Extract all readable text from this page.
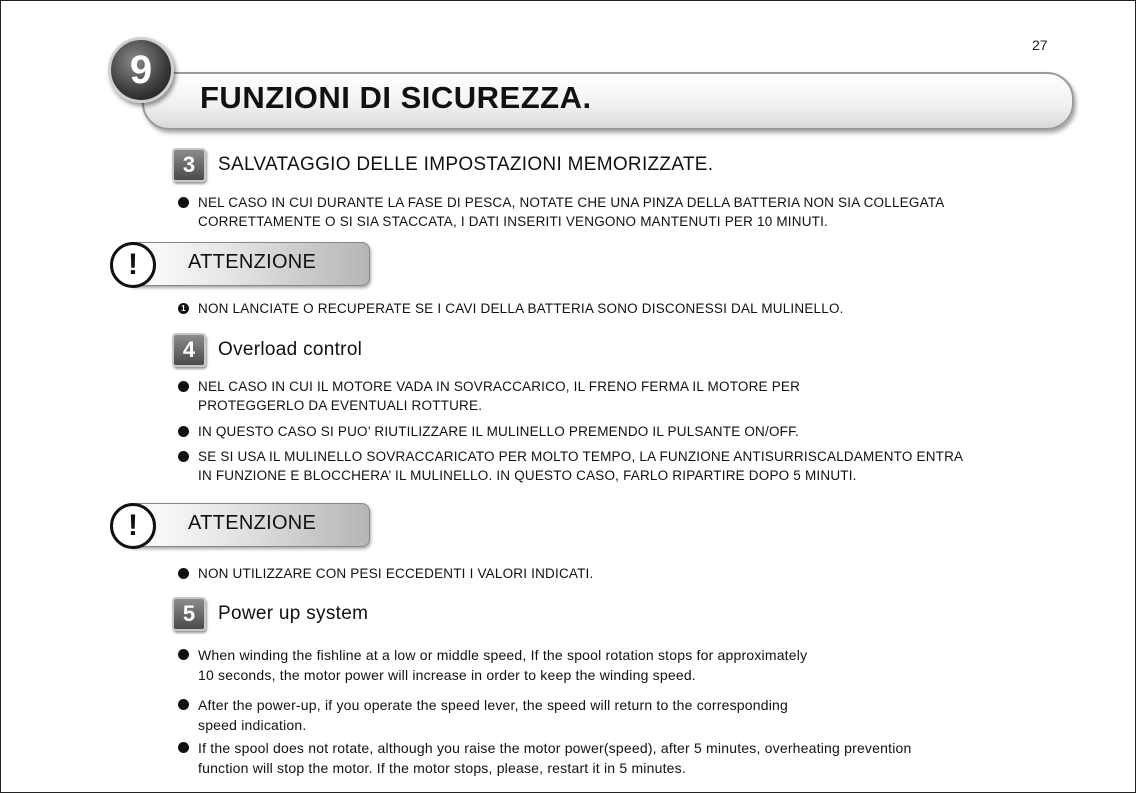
27
9
FUNZIONI DI SICUREZZA.
3	SALVATAGGIO DELLE IMPOSTAZIONI MEMORIZZATE.
NEL CASO IN CUI DURANTE LA FASE DI PESCA, NOTATE CHE UNA PINZA DELLA BATTERIA NON SIA COLLEGATA
CORRETTAMENTE O SI SIA STACCATA, I DATI INSERITI VENGONO MANTENUTI PER 10 MINUTI.
!	ATTENZIONE
1 NON LANCIATE O RECUPERATE SE I CAVI DELLA BATTERIA SONO DISCONESSI DAL MULINELLO.
4	Overload control
NEL CASO IN CUI IL MOTORE VADA IN SOVRACCARICO, IL FRENO FERMA IL MOTORE PER
PROTEGGERLO DA EVENTUALI ROTTURE.
IN QUESTO CASO SI PUO’ RIUTILIZZARE IL MULINELLO PREMENDO IL PULSANTE ON/OFF.
SE SI USA IL MULINELLO SOVRACCARICATO PER MOLTO TEMPO, LA FUNZIONE ANTISURRISCALDAMENTO ENTRA
IN FUNZIONE E BLOCCHERA’ IL MULINELLO. IN QUESTO CASO, FARLO RIPARTIRE DOPO 5 MINUTI.
!	ATTENZIONE
NON UTILIZZARE CON PESI ECCEDENTI I VALORI INDICATI.
5	Power up system
When winding the fishline at a low or middle speed, If the spool rotation stops for approximately
10 seconds, the motor power will increase in order to keep the winding speed.
After the power-up, if you operate the speed lever, the speed will return to the corresponding
speed indication.
If the spool does not rotate, although you raise the motor power(speed), after 5 minutes, overheating prevention
function will stop the motor. If the motor stops, please, restart it in 5 minutes.
